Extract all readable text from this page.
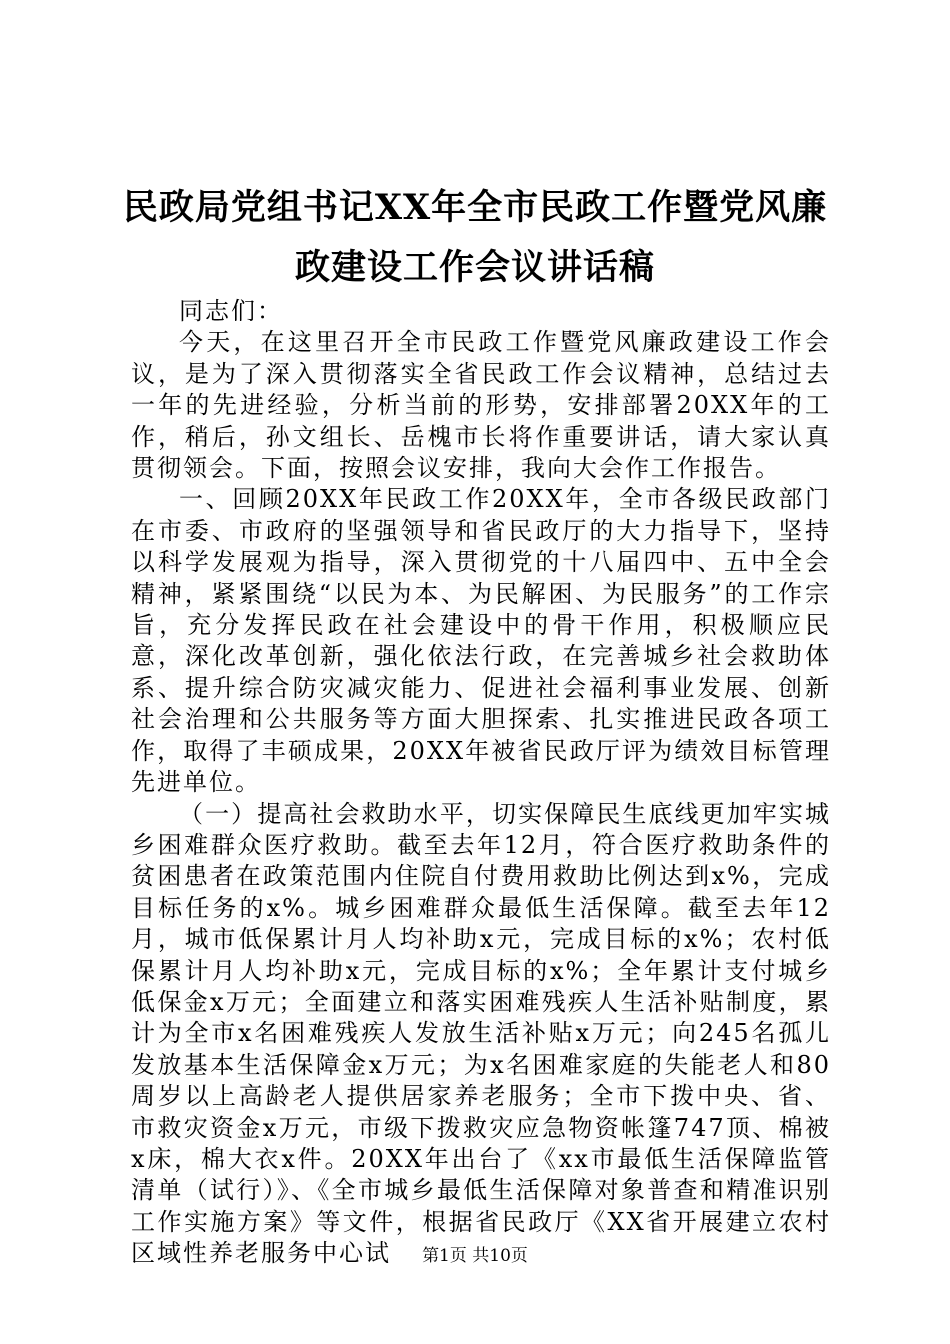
民政局党组书记XX年全市民政工作暨党风廉
政建设工作会议讲话稿

同志们：

今天，在这里召开全市民政工作暨党风廉政建设工作会议，是为了深入贯彻落实全省民政工作会议精神，总结过去一年的先进经验，分析当前的形势，安排部署20XX年的工作，稍后，孙文组长、岳槐市长将作重要讲话，请大家认真贯彻领会。下面，按照会议安排，我向大会作工作报告。

一、回顾20XX年民政工作20XX年，全市各级民政部门在市委、市政府的坚强领导和省民政厅的大力指导下，坚持以科学发展观为指导，深入贯彻党的十八届四中、五中全会精神，紧紧围绕“以民为本、为民解困、为民服务”的工作宗旨，充分发挥民政在社会建设中的骨干作用，积极顺应民意，深化改革创新，强化依法行政，在完善城乡社会救助体系、提升综合防灾减灾能力、促进社会福利事业发展、创新社会治理和公共服务等方面大胆探索、扎实推进民政各项工作，取得了丰硕成果，20XX年被省民政厅评为绩效目标管理先进单位。

（一）提高社会救助水平，切实保障民生底线更加牢实城乡困难群众医疗救助。截至去年12月，符合医疗救助条件的贫困患者在政策范围内住院自付费用救助比例达到x%，完成目标任务的x%。城乡困难群众最低生活保障。截至去年12月，城市低保累计月人均补助x元，完成目标的x%；农村低保累计月人均补助x元，完成目标的x%；全年累计支付城乡低保金x万元；全面建立和落实困难残疾人生活补贴制度，累计为全市x名困难残疾人发放生活补贴x万元；向245名孤儿发放基本生活保障金x万元；为x名困难家庭的失能老人和80周岁以上高龄老人提供居家养老服务；全市下拨中央、省、市救灾资金x万元，市级下拨救灾应急物资帐篷747顶、棉被x床，棉大衣x件。20XX年出台了《xx市最低生活保障监管清单（试行）》、《全市城乡最低生活保障对象普查和精准识别工作实施方案》等文件，根据省民政厅《XX省开展建立农村区域性养老服务中心试	第1页 共10页
